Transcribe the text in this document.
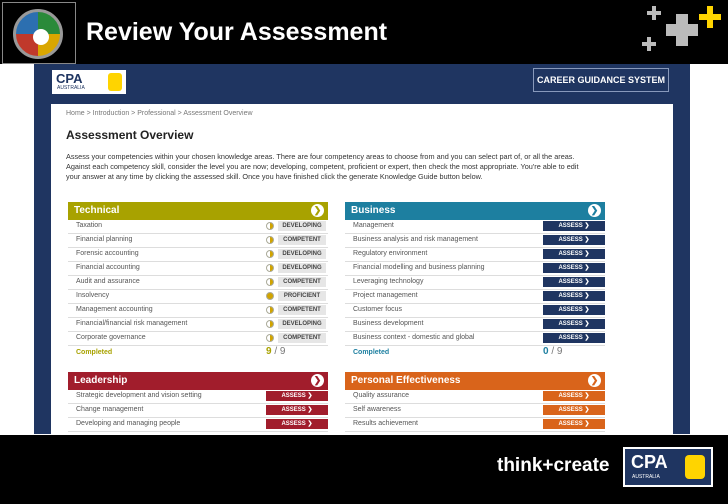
Review Your Assessment
CPA
AUSTRALIA
CAREER GUIDANCE SYSTEM
Home > Introduction > Professional > Assessment Overview
Assessment Overview
Assess your competencies within your chosen knowledge areas. There are four competency areas to choose from and you can select part of, or all the areas. Against each competency skill, consider the level you are now; developing, competent, proficient or expert, then check the most appropriate. You're able to edit your answer at any time by clicking the assessed skill. Once you have finished click the generate Knowledge Guide button below.
Technical	❯
Taxation	DEVELOPING
Financial planning	COMPETENT
Forensic accounting	DEVELOPING
Financial accounting	DEVELOPING
Audit and assurance	COMPETENT
Insolvency	PROFICIENT
Management accounting	COMPETENT
Financial/financial risk management	DEVELOPING
Corporate governance	COMPETENT
Completed	9 / 9
Business	❯
Management	ASSESS ❯
Business analysis and risk management	ASSESS ❯
Regulatory environment	ASSESS ❯
Financial modelling and business planning	ASSESS ❯
Leveraging technology	ASSESS ❯
Project management	ASSESS ❯
Customer focus	ASSESS ❯
Business development	ASSESS ❯
Business context - domestic and global	ASSESS ❯
Completed	0 / 9
Leadership	❯
Strategic development and vision setting	ASSESS ❯
Change management	ASSESS ❯
Developing and managing people	ASSESS ❯
Personal Effectiveness	❯
Quality assurance	ASSESS ❯
Self awareness	ASSESS ❯
Results achievement	ASSESS ❯
think+create CPA
AUSTRALIA
